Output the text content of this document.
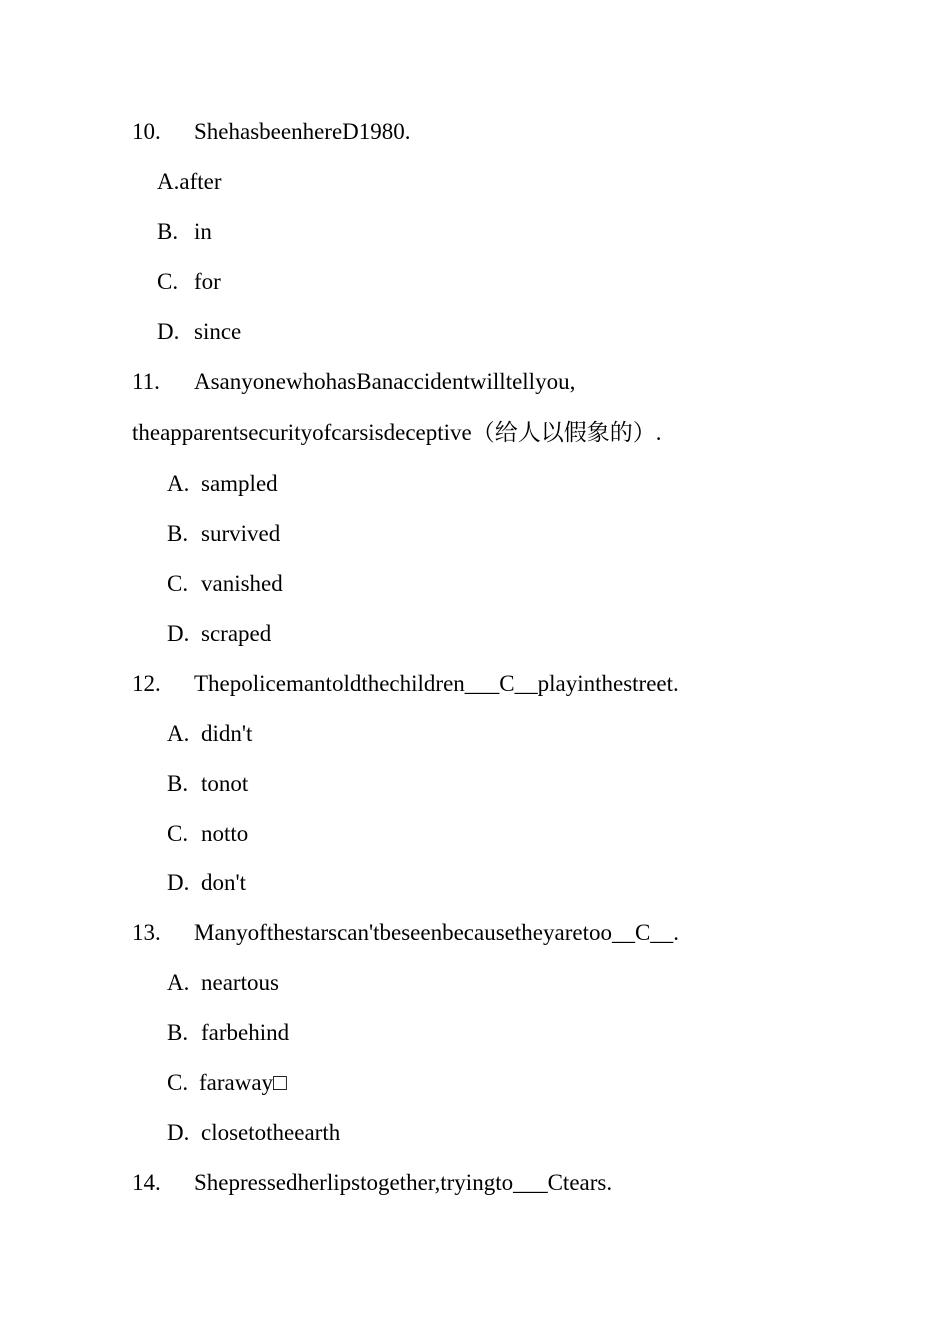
10. ShehasbeenhereD1980.
A.after
B. in
C. for
D. since
11. AsanyonewhohasBanaccidentwilltellyou,
theapparentsecurityofcarsisdeceptive（给人以假象的）.
A. sampled
B. survived
C. vanished
D. scraped
12. Thepolicemantoldthechildren___C__playinthestreet.
A. didn't
B. tonot
C. notto
D. don't
13. Manyofthestarscan'tbeseenbecausetheyaretoo__C__.
A. neartous
B. farbehind
C. faraway□
D. closetotheearth
14. Shepressedherlipstogether,tryingto___Ctears.
